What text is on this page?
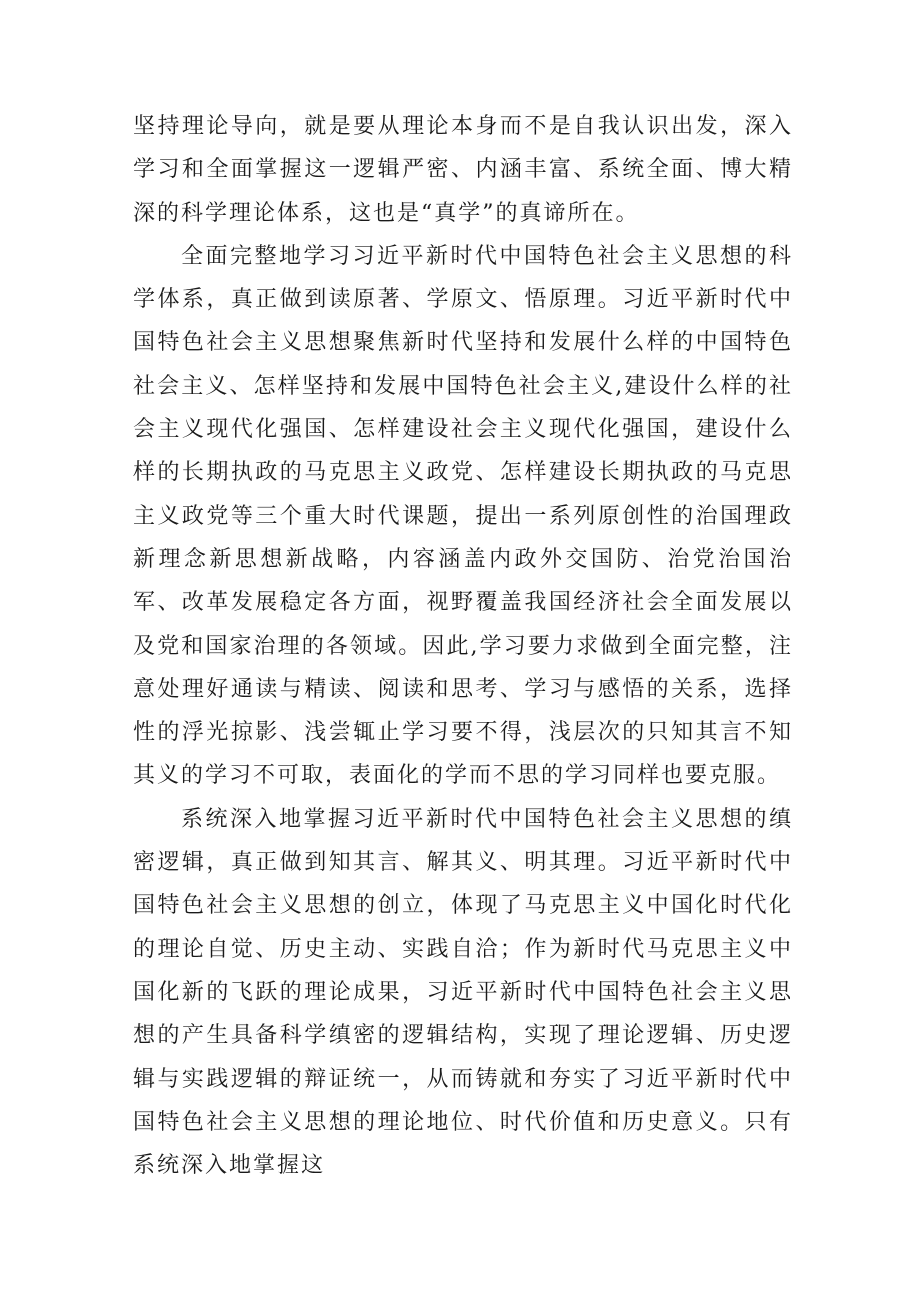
坚持理论导向，就是要从理论本身而不是自我认识出发，深入学习和全面掌握这一逻辑严密、内涵丰富、系统全面、博大精深的科学理论体系，这也是“真学”的真谛所在。

全面完整地学习习近平新时代中国特色社会主义思想的科学体系，真正做到读原著、学原文、悟原理。习近平新时代中国特色社会主义思想聚焦新时代坚持和发展什么样的中国特色社会主义、怎样坚持和发展中国特色社会主义,建设什么样的社会主义现代化强国、怎样建设社会主义现代化强国，建设什么样的长期执政的马克思主义政党、怎样建设长期执政的马克思主义政党等三个重大时代课题，提出一系列原创性的治国理政新理念新思想新战略，内容涵盖内政外交国防、治党治国治军、改革发展稳定各方面，视野覆盖我国经济社会全面发展以及党和国家治理的各领域。因此,学习要力求做到全面完整，注意处理好通读与精读、阅读和思考、学习与感悟的关系，选择性的浮光掠影、浅尝辄止学习要不得，浅层次的只知其言不知其义的学习不可取，表面化的学而不思的学习同样也要克服。

系统深入地掌握习近平新时代中国特色社会主义思想的缜密逻辑，真正做到知其言、解其义、明其理。习近平新时代中国特色社会主义思想的创立，体现了马克思主义中国化时代化的理论自觉、历史主动、实践自洽；作为新时代马克思主义中国化新的飞跃的理论成果，习近平新时代中国特色社会主义思想的产生具备科学缜密的逻辑结构，实现了理论逻辑、历史逻辑与实践逻辑的辩证统一，从而铸就和夯实了习近平新时代中国特色社会主义思想的理论地位、时代价值和历史意义。只有系统深入地掌握这
